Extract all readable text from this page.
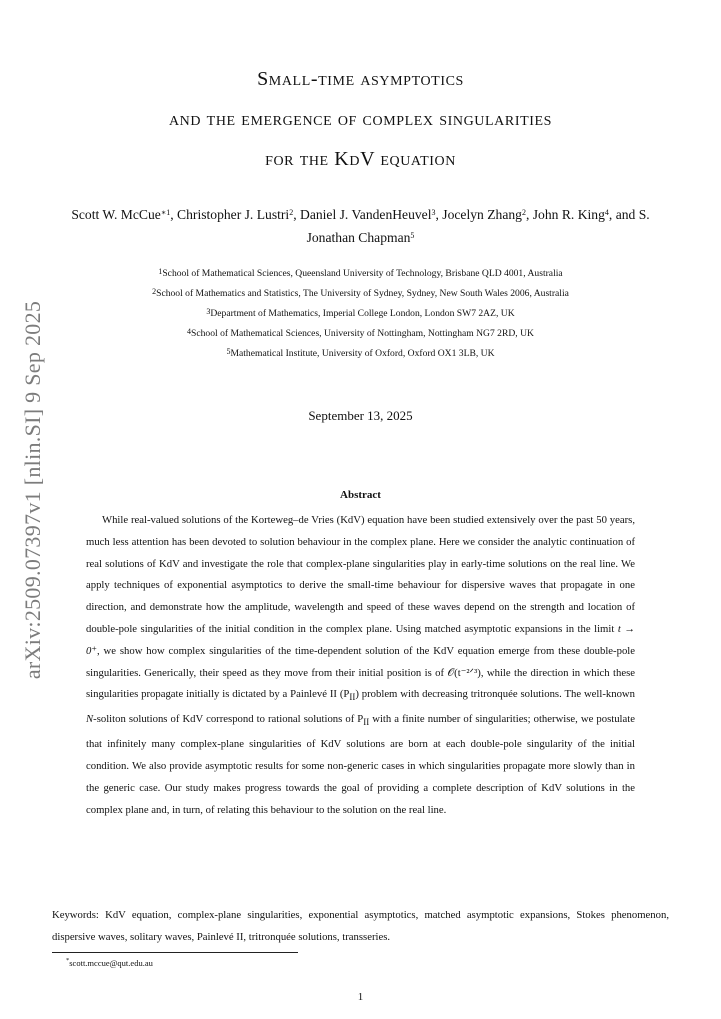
arXiv:2509.07397v1 [nlin.SI] 9 Sep 2025
Small-time asymptotics
and the emergence of complex singularities
for the KdV equation
Scott W. McCue$^{∗1}$, Christopher J. Lustri$^2$, Daniel J. VandenHeuvel$^3$, Jocelyn Zhang$^2$, John R. King$^4$, and S. Jonathan Chapman$^5$
$^1$School of Mathematical Sciences, Queensland University of Technology, Brisbane QLD 4001, Australia
$^2$School of Mathematics and Statistics, The University of Sydney, Sydney, New South Wales 2006, Australia
$^3$Department of Mathematics, Imperial College London, London SW7 2AZ, UK
$^4$School of Mathematical Sciences, University of Nottingham, Nottingham NG7 2RD, UK
$^5$Mathematical Institute, University of Oxford, Oxford OX1 3LB, UK
September 13, 2025
Abstract

While real-valued solutions of the Korteweg–de Vries (KdV) equation have been studied extensively over the past 50 years, much less attention has been devoted to solution behaviour in the complex plane. Here we consider the analytic continuation of real solutions of KdV and investigate the role that complex-plane singularities play in early-time solutions on the real line. We apply techniques of exponential asymptotics to derive the small-time behaviour for dispersive waves that propagate in one direction, and demonstrate how the amplitude, wavelength and speed of these waves depend on the strength and location of double-pole singularities of the initial condition in the complex plane. Using matched asymptotic expansions in the limit t → 0⁺, we show how complex singularities of the time-dependent solution of the KdV equation emerge from these double-pole singularities. Generically, their speed as they move from their initial position is of 𝒪(t⁻²ᐟ³), while the direction in which these singularities propagate initially is dictated by a Painlevé II $(P_{II})$ problem with decreasing tritronquée solutions. The well-known N-soliton solutions of KdV correspond to rational solutions of $P_{II}$ with a finite number of singularities; otherwise, we postulate that infinitely many complex-plane singularities of KdV solutions are born at each double-pole singularity of the initial condition. We also provide asymptotic results for some non-generic cases in which singularities propagate more slowly than in the generic case. Our study makes progress towards the goal of providing a complete description of KdV solutions in the complex plane and, in turn, of relating this behaviour to the solution on the real line.

Keywords: KdV equation, complex-plane singularities, exponential asymptotics, matched asymptotic expansions, Stokes phenomenon, dispersive waves, solitary waves, Painlevé II, tritronquée solutions, transseries.

*scott.mccue@qut.edu.au
1
